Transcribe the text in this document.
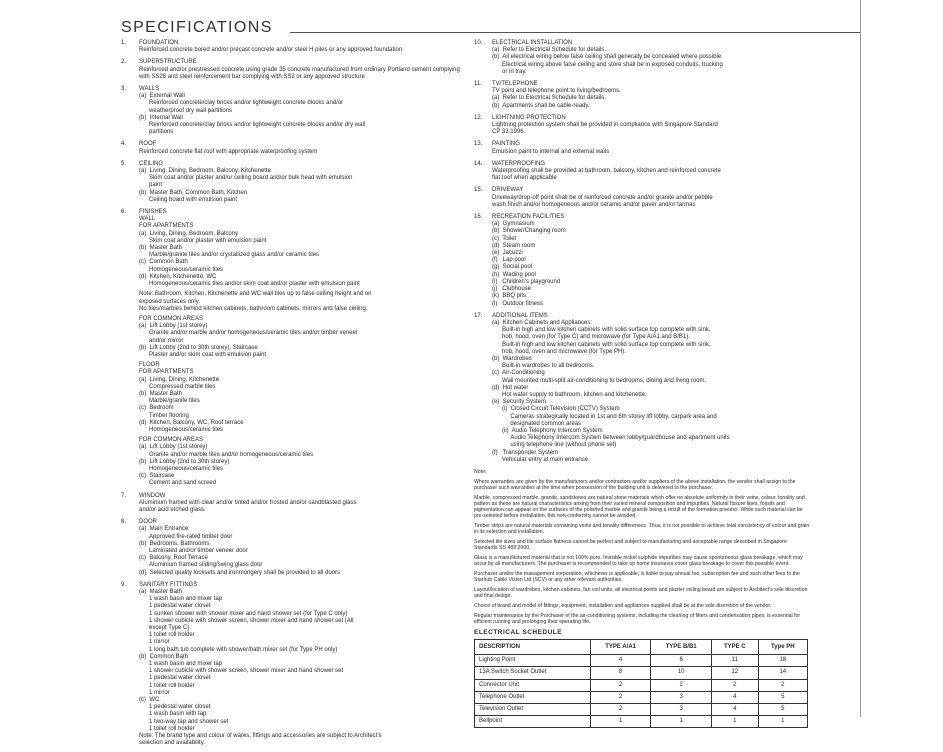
SPECIFICATIONS
1. FOUNDATION
Reinforced concrete bored and/or precast concrete and/or steel H piles or any approved foundation
2. SUPERSTRUCTURE
Reinforced and/or prestressed concrete using grade 35 concrete manufactured from ordinary Portland cement complying with SS26 and steel reinforcement bar complying with SS2 or any approved structure
3. WALLS
(a)  External Wall
Reinforced concrete/clay bricks and/or lightweight concrete blocks and/or
weatherproof dry wall partitions
(b)  Internal Wall
Reinforced concrete/clay bricks and/or lightweight concrete blocks and/or dry wall
partitions
4. ROOF
Reinforced concrete flat roof with appropriate waterproofing system
5. CEILING
(a)  Living, Dining, Bedroom, Balcony, Kitchenette
Skim coat and/or plaster and/or ceiling board and/or bulk head with emulsion
paint
(b)  Master Bath, Common Bath, Kitchen
Ceiling board with emulsion paint
6. FINISHES
WALL
FOR APARTMENTS
(a)  Living, Dining, Bedroom, Balcony
Skim coat and/or plaster with emulsion paint
(b)  Master Bath
Marble/granite tiles and/or crystallized glass and/or ceramic tiles
(c)  Common Bath
Homogeneous/ceramic tiles
(d)  Kitchen, Kitchenette, WC
Homogeneous/ceramic tiles and/or skim coat and/or plaster with emulsion paint
Note: Bathroom, Kitchen, Kitchenette and WC wall tiles up to false ceiling height and on
exposed surfaces only.
No tiles/marbles behind kitchen cabinets, bathroom cabinets, mirrors and false ceiling.
FOR COMMON AREAS
(a)  Lift Lobby (1st storey)
Granite and/or marble and/or homogeneous/ceramic tiles and/or timber veneer
and/or mirror
(b)  Lift Lobby (2nd to 30th storey), Staircase
Plaster and/or skim coat with emulsion paint
FLOOR
FOR APARTMENTS
(a)  Living, Dining, Kitchenette
Compressed marble tiles
(b)  Master Bath
Marble/granite tiles
(c)  Bedroom
Timber flooring
(d)  Kitchen, Balcony, WC, Roof terrace
Homogeneous/ceramic tiles
FOR COMMON AREAS
(a)  Lift Lobby (1st storey)
Granite and/or marble tiles and/or homogeneous/ceramic tiles
(b)  Lift Lobby (2nd to 30th storey)
Homogeneous/ceramic tiles
(c)  Staircase
Cement and sand screed
7. WINDOW
Aluminium framed with clear and/or tinted and/or frosted and/or sandblasted glass
and/or acid etched glass.
8. DOOR
(a)  Main Entrance
Approved fire-rated timber door
(b)  Bedrooms, Bathrooms
Laminated and/or timber veneer door
(c)  Balcony, Roof Terrace
Aluminium framed sliding/swing glass door
(d)  Selected quality locksets and ironmongery shall be provided to all doors
9. SANITARY FITTINGS
(a)  Master Bath
1 wash basin and mixer tap
1 pedestal water closet
1 sunken shower with shower mixer and hand shower set (for Type C only)
1 shower cubicle with shower screen, shower mixer and hand shower set (All
except Type C)
1 toilet roll holder
1 mirror
1 long bath tub complete with shower/bath mixer set (for Type PH only)
(b)  Common Bath
1 wash basin and mixer tap
1 shower cubicle with shower screen, shower mixer and hand shower set
1 pedestal water closet
1 toilet roll holder
1 mirror
(c)  WC
1 pedestal water closet
1 wash basin with tap
1 two-way tap and shower set
1 toilet roll holder
Note: The brand type and colour of wares, fittings and accessories are subject to Architect's
selection and availability.
10. ELECTRICAL INSTALLATION
(a)  Refer to Electrical Schedule for details.
(b)  All electrical wiring below false ceiling shall generally be concealed where possible.
Electrical wiring above false ceiling and store shall be in exposed conduits, trucking
or in tray.
11. TV/TELEPHONE
TV point and telephone point to living/bedrooms.
(a)  Refer to Electrical Schedule for details.
(b)  Apartments shall be cable-ready.
12. LIGHTNING PROTECTION
Lightning protection system shall be provided in compliance with Singapore Standard
CP 33:1996.
13. PAINTING
Emulsion paint to internal and external walls
14. WATERPROOFING
Waterproofing shall be provided at bathroom, balcony, kitchen and reinforced concrete
flat roof when applicable
15. DRIVEWAY
Driveway/drop-off point shall be of reinforced concrete and/or granite and/or pebble
wash finish and/or homogeneous and/or ceramic and/or paver and/or tarmac
16. RECREATION FACILITIES
(a)  Gymnasium
(b)  Shower/Changing room
(c)  Toilet
(d)  Steam room
(e)  Jacuzzi
(f)   Lap pool
(g)  Social pool
(h)  Wading pool
(i)   Children's playground
(j)   Clubhouse
(k)  BBQ pits
(l)   Outdoor fitness
17. ADDITIONAL ITEMS
(a)  Kitchen Cabinets and Appliances:
Built-in high and low kitchen cabinets with solid surface top complete with sink,
hob, hood, oven (for Type C) and microwave (for Type A/A1 and B/B1).
Built-in high and low kitchen cabinets with solid surface top complete with sink,
hob, hood, oven and microwave (for Type PH).
(b)  Wardrobes
Built-in wardrobes to all bedrooms.
(c)  Air-Conditioning
Wall mounted multi-split air-conditioning to bedrooms, dining and living room.
(d)  Hot water
Hot water supply to bathroom, kitchen and kitchenette.
(e)  Security System
(i)  Closed Circuit Television (CCTV) System
Cameras strategically located in 1st and 6th storey lift lobby, carpark area and
designated common areas
(ii)  Audio Telephony Intercom System
Audio Telephony Intercom System between lobby/guardhouse and apartment units
using telephone line (without phone set)
(f)   Transponder System
Vehicular entry at main entrance

Note:

Where warranties are given by the manufacturers and/or contractors and/or suppliers of the above installation, the vendor shall assign to the purchaser such warranties at the time when possession of the building unit is delivered to the purchaser.

Marble, compressed marble, granite, sandstones are natural stone materials which offer no absolute uniformity in their veins, colour, tonality and pattern as these are natural characteristics arising from their varied mineral composition and impurities. Natural fissure lines, fossils and pigmentation can appear on the surfaces of the polished marble and granite being a result of the formation process. While such material can be pre-selected before installation, this non-conformity cannot be avoided.

Timber strips are natural materials containing veins and tonality differences. Thus, it is not possible to achieve total consistency of colour and grain in its selection and installation.

Selected tile sizes and tile surface flatness cannot be perfect and subject to manufacturing and acceptable range described in Singapore Standards SS 483:2000.

Glass is a manufactured material that is not 100% pure. Invisible nickel sulphide impurities may cause spontaneous glass breakage, which may occur by all manufacturers. The purchaser is recommended to take up home insurance cover glass breakage to cover this possible event.

Purchaser and/or the management corporation, whichever is applicable, is liable to pay annual fee, subscription fee and such other fees to the Starhub Cable Vision Ltd (SCV) or any other relevant authorities.

Layout/location of wardrobes, kitchen cabinets, fan coil units, all electrical points and plaster ceiling board are subject to Architect's sole discretion and final design.

Choice of brand and model of fittings, equipment, installation and appliances supplied shall be at the sole discretion of the vendor.

Regular maintenance by the Purchaser of the air-conditioning systems, including the cleaning of filters and condensation pipes, is essential for efficient running and prolonging their operating life.

ELECTRICAL SCHEDULE
DESCRIPTION	TYPE A/A1	TYPE B/B1	TYPE C	Type PH
Lighting Point	4	6	11	18
13A Switch Socket Outlet	8	10	12	14
Connector Unit	2	2	2	2
Telephone Outlet	2	3	4	5
Television Outlet	2	3	4	5
Bellpoint	1	1	1	1
